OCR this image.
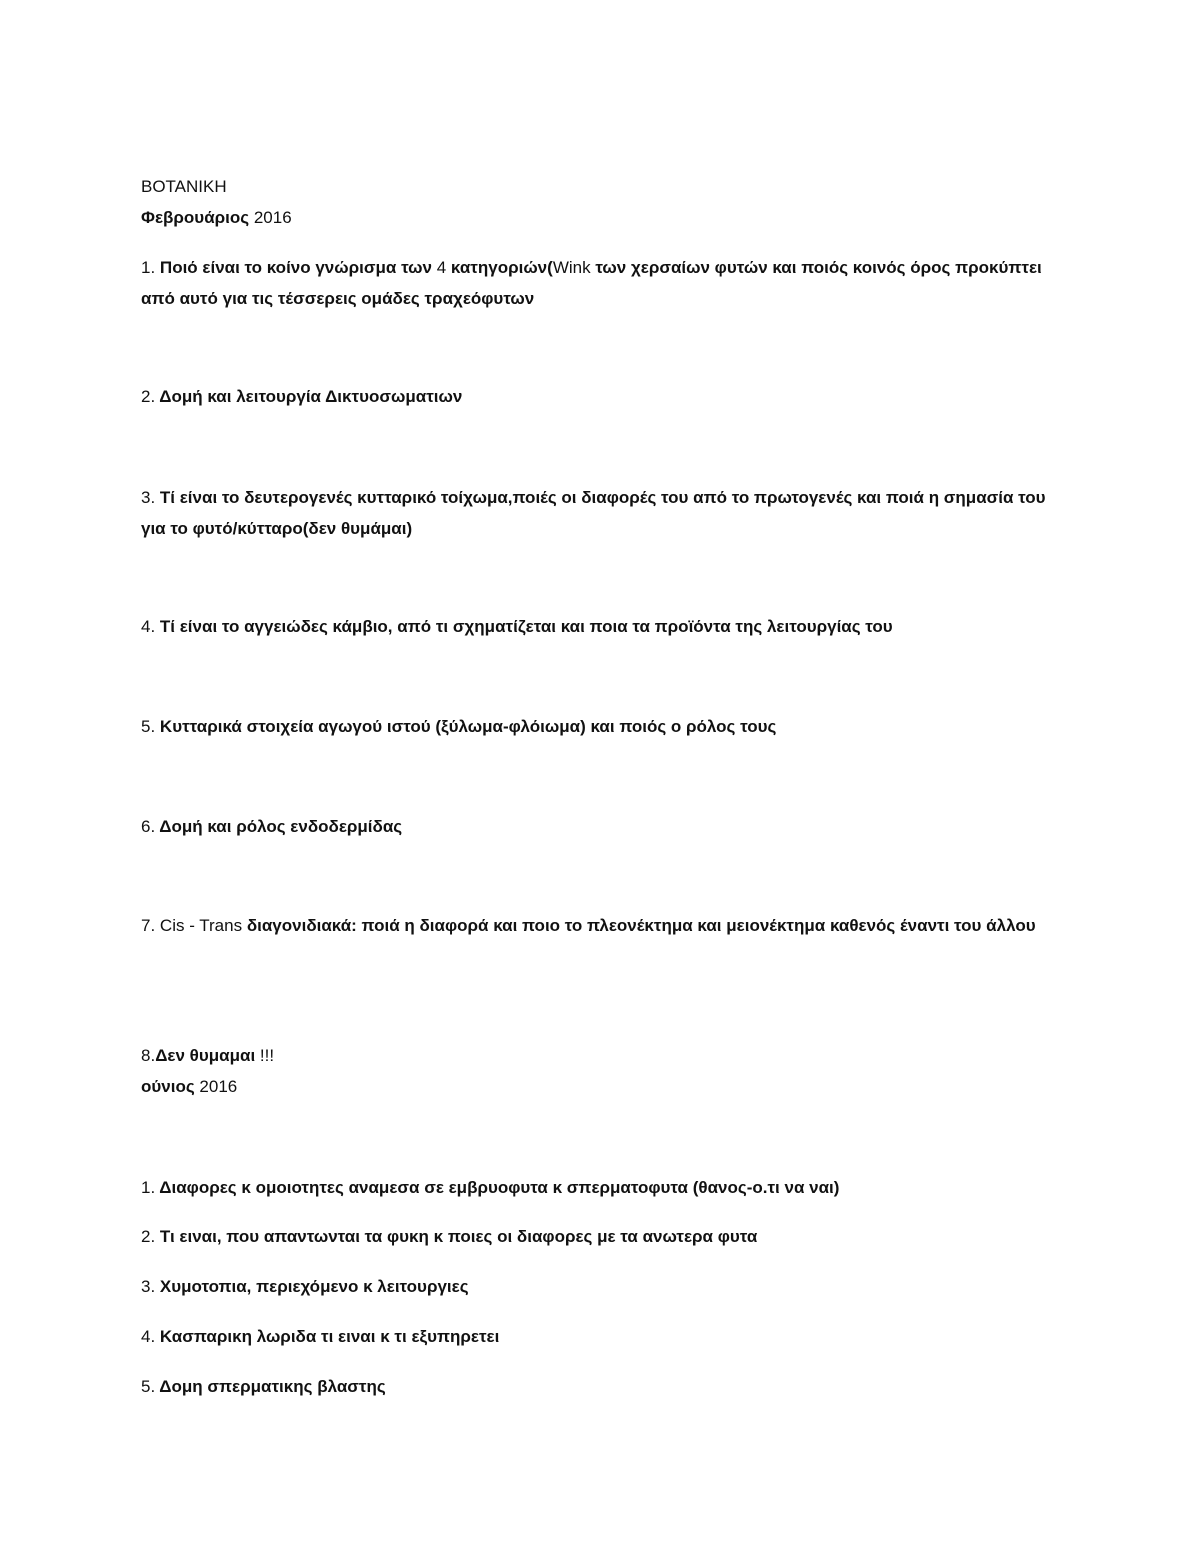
BOTANIKH
Φεβρουάριος 2016
1. Ποιό είναι το κοίνο γνώρισμα των 4 κατηγοριών(Wink των χερσαίων φυτών και ποιός κοινός όρος προκύπτει από αυτό για τις τέσσερεις ομάδες τραχεόφυτων
2. Δομή και λειτουργία Δικτυοσωματιων
3. Τί είναι το δευτερογενές κυτταρικό τοίχωμα,ποιές οι διαφορές του από το πρωτογενές και ποιά η σημασία του για το φυτό/κύτταρο(δεν θυμάμαι)
4. Τί είναι το αγγειώδες κάμβιο, από τι σχηματίζεται και ποια τα προϊόντα της λειτουργίας του
5. Κυτταρικά στοιχεία αγωγού ιστού (ξύλωμα-φλόιωμα) και ποιός ο ρόλος τους
6. Δομή και ρόλος ενδοδερμίδας
7. Cis - Trans διαγονιδιακά: ποιά η διαφορά και ποιο το πλεονέκτημα και μειονέκτημα καθενός έναντι του άλλου
8.Δεν θυμαμαι !!!
ούνιος 2016
1. Διαφορες κ ομοιοτητες αναμεσα σε εμβρυοφυτα κ σπερματοφυτα (θανος-ο.τι να ναι)
2. Τι ειναι, που απαντωνται τα φυκη κ ποιες οι διαφορες με τα ανωτερα φυτα
3. Χυμοτοπια, περιεχόμενο κ λειτουργιες
4. Κασπαρικη λωριδα τι ειναι κ τι εξυπηρετει
5. Δομη σπερματικης βλαστης
